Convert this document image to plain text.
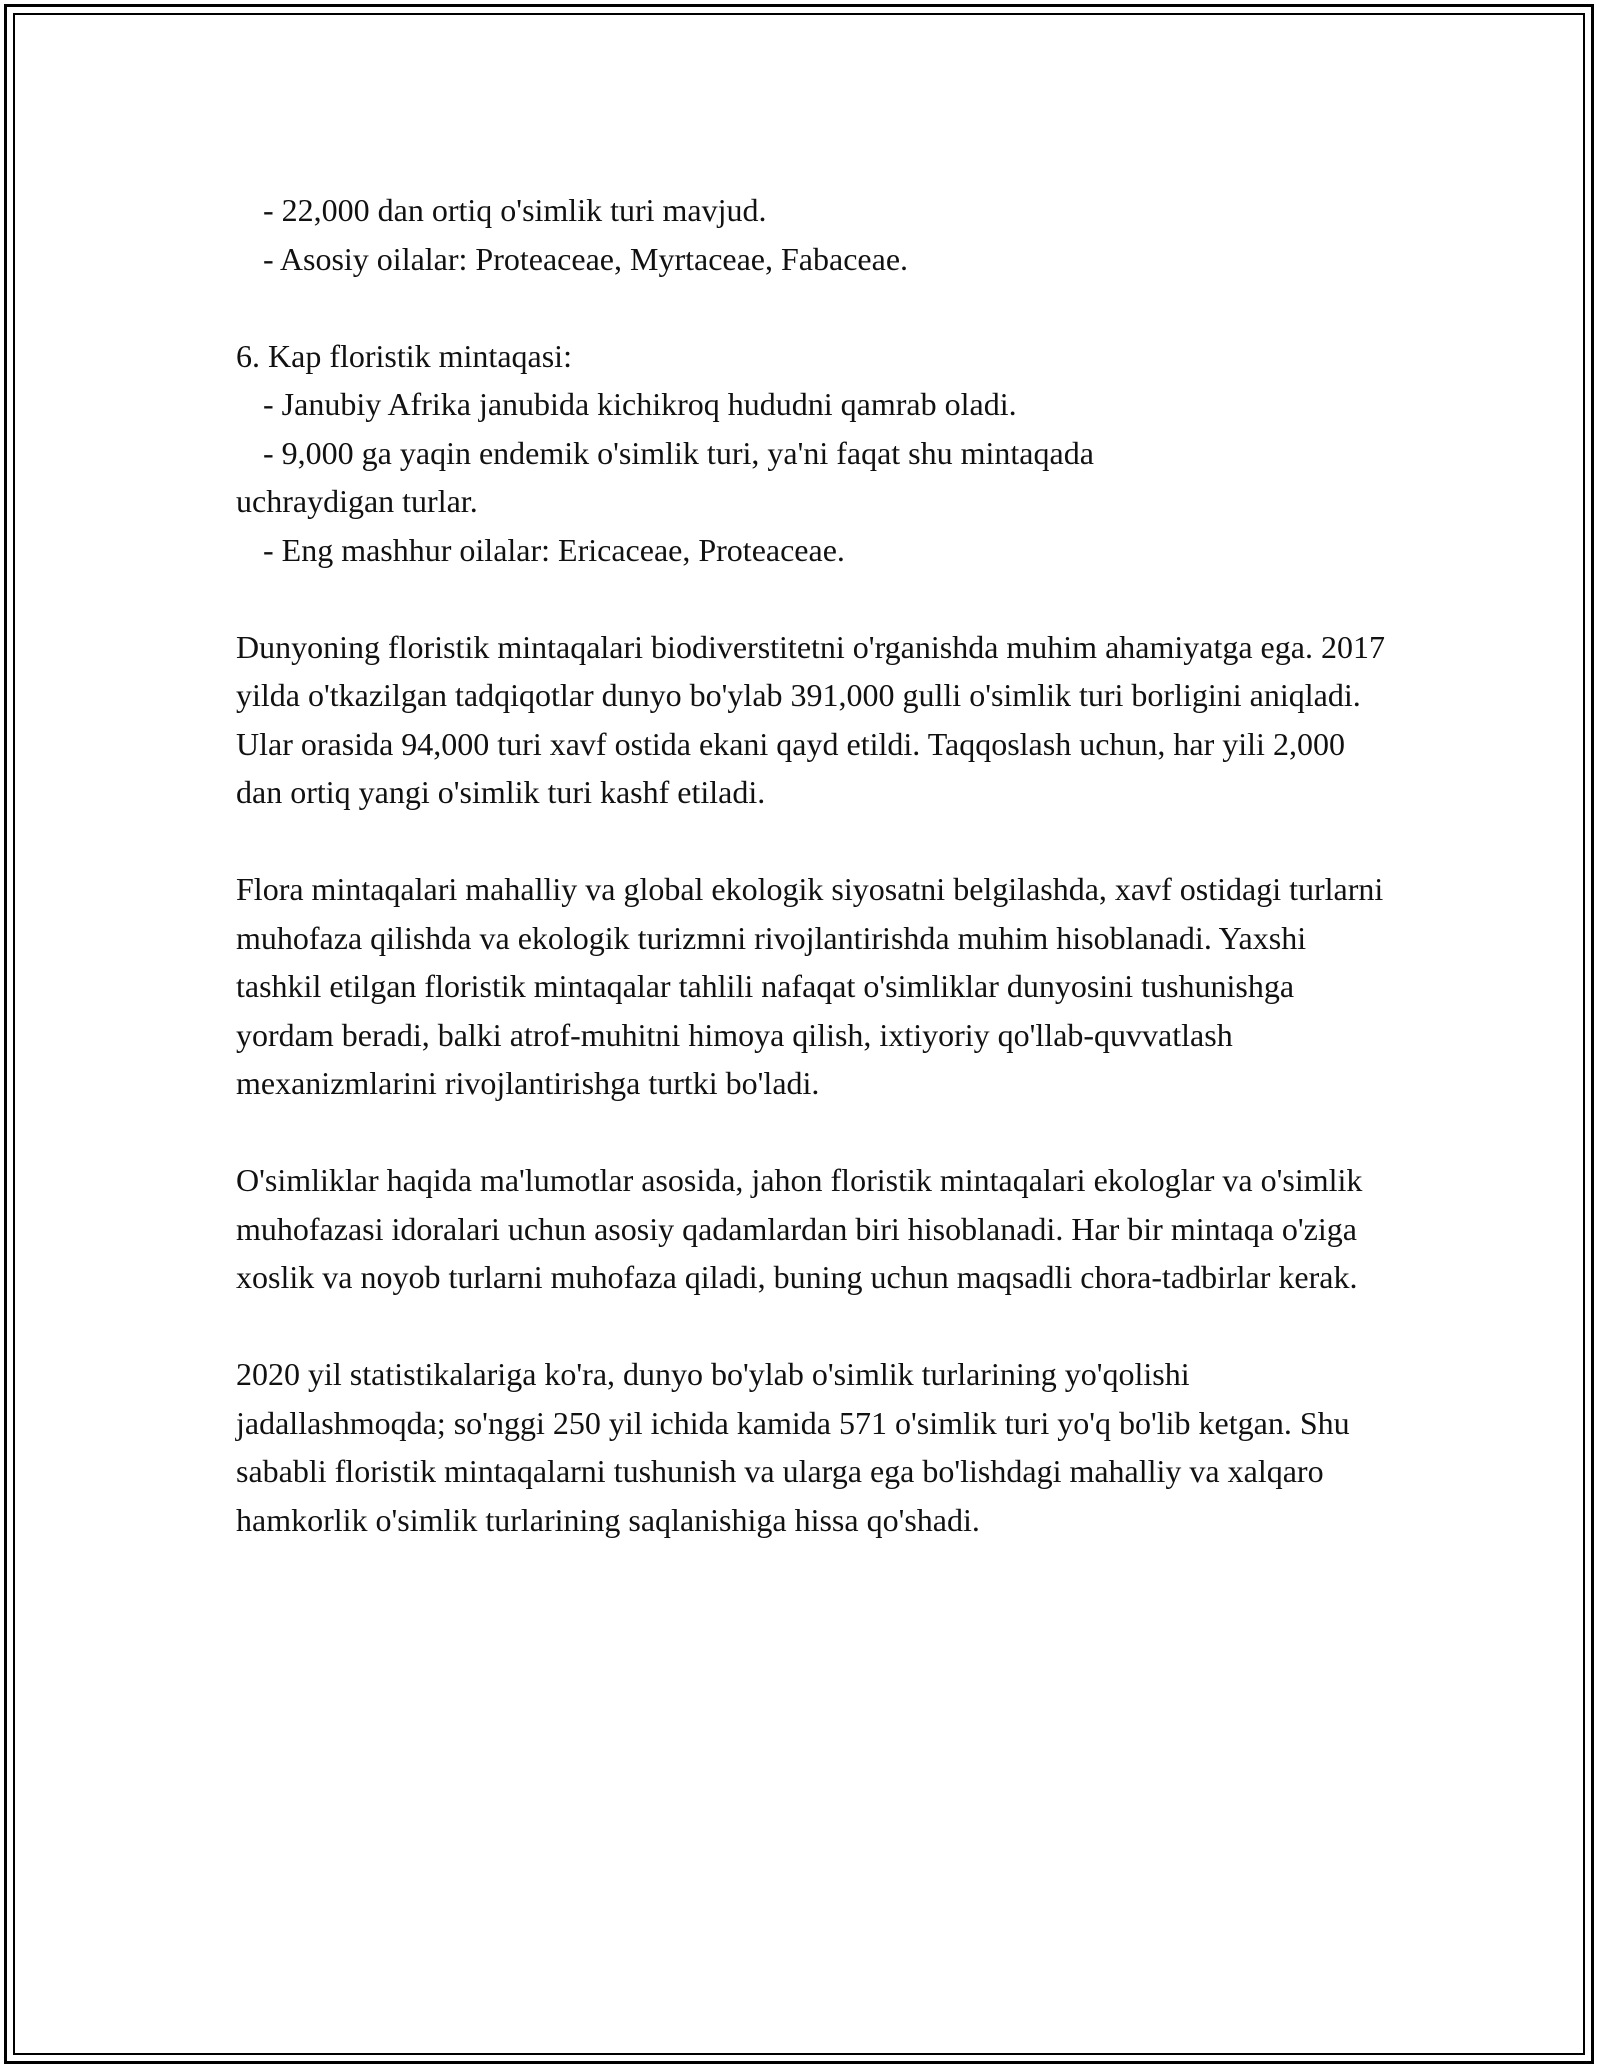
- 22,000 dan ortiq o'simlik turi mavjud.

- Asosiy oilalar: Proteaceae, Myrtaceae, Fabaceae.

6. Kap floristik mintaqasi:

- Janubiy Afrika janubida kichikroq hududni qamrab oladi.

- 9,000 ga yaqin endemik o'simlik turi, ya'ni faqat shu mintaqada

uchraydigan turlar.

- Eng mashhur oilalar: Ericaceae, Proteaceae.

Dunyoning floristik mintaqalari biodiverstitetni o'rganishda muhim ahamiyatga ega. 2017 yilda o'tkazilgan tadqiqotlar dunyo bo'ylab 391,000 gulli o'simlik turi borligini aniqladi. Ular orasida 94,000 turi xavf ostida ekani qayd etildi. Taqqoslash uchun, har yili 2,000 dan ortiq yangi o'simlik turi kashf etiladi.

Flora mintaqalari mahalliy va global ekologik siyosatni belgilashda, xavf ostidagi turlarni muhofaza qilishda va ekologik turizmni rivojlantirishda muhim hisoblanadi. Yaxshi tashkil etilgan floristik mintaqalar tahlili nafaqat o'simliklar dunyosini tushunishga yordam beradi, balki atrof-muhitni himoya qilish, ixtiyoriy qo'llab-quvvatlash mexanizmlarini rivojlantirishga turtki bo'ladi.

O'simliklar haqida ma'lumotlar asosida, jahon floristik mintaqalari ekologlar va o'simlik muhofazasi idoralari uchun asosiy qadamlardan biri hisoblanadi. Har bir mintaqa o'ziga xoslik va noyob turlarni muhofaza qiladi, buning uchun maqsadli chora-tadbirlar kerak.

2020 yil statistikalariga ko'ra, dunyo bo'ylab o'simlik turlarining yo'qolishi jadallashmoqda; so'nggi 250 yil ichida kamida 571 o'simlik turi yo'q bo'lib ketgan. Shu sababli floristik mintaqalarni tushunish va ularga ega bo'lishdagi mahalliy va xalqaro hamkorlik o'simlik turlarining saqlanishiga hissa qo'shadi.
